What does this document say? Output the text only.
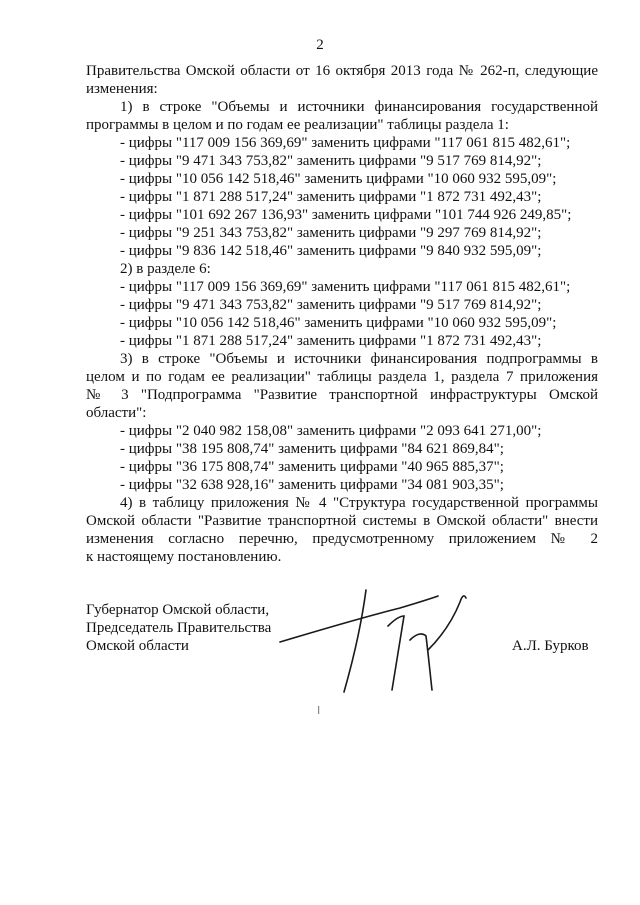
2
Правительства Омской области от 16 октября 2013 года № 262-п, следующие
изменения:
1) в строке "Объемы и источники финансирования государственной
программы в целом и по годам ее реализации" таблицы раздела 1:
- цифры "117 009 156 369,69" заменить цифрами "117 061 815 482,61";
- цифры "9 471 343 753,82" заменить цифрами "9 517 769 814,92";
- цифры "10 056 142 518,46" заменить цифрами "10 060 932 595,09";
- цифры "1 871 288 517,24" заменить цифрами "1 872 731 492,43";
- цифры "101 692 267 136,93" заменить цифрами "101 744 926 249,85";
- цифры "9 251 343 753,82" заменить цифрами "9 297 769 814,92";
- цифры "9 836 142 518,46" заменить цифрами "9 840 932 595,09";
2) в разделе 6:
- цифры "117 009 156 369,69" заменить цифрами "117 061 815 482,61";
- цифры "9 471 343 753,82" заменить цифрами "9 517 769 814,92";
- цифры "10 056 142 518,46" заменить цифрами "10 060 932 595,09";
- цифры "1 871 288 517,24" заменить цифрами "1 872 731 492,43";
3) в строке "Объемы и источники финансирования подпрограммы в
целом и по годам ее реализации" таблицы раздела 1, раздела 7 приложения
№ 3 "Подпрограмма "Развитие транспортной инфраструктуры Омской
области":
- цифры "2 040 982 158,08" заменить цифрами "2 093 641 271,00";
- цифры "38 195 808,74" заменить цифрами "84 621 869,84";
- цифры "36 175 808,74" заменить цифрами "40 965 885,37";
- цифры "32 638 928,16" заменить цифрами "34 081 903,35";
4) в таблицу приложения № 4 "Структура государственной программы
Омской области "Развитие транспортной системы в Омской области" внести
изменения согласно перечню, предусмотренному приложением № 2
к настоящему постановлению.
Губернатор Омской области,
Председатель Правительства
Омской области	А.Л. Бурков
